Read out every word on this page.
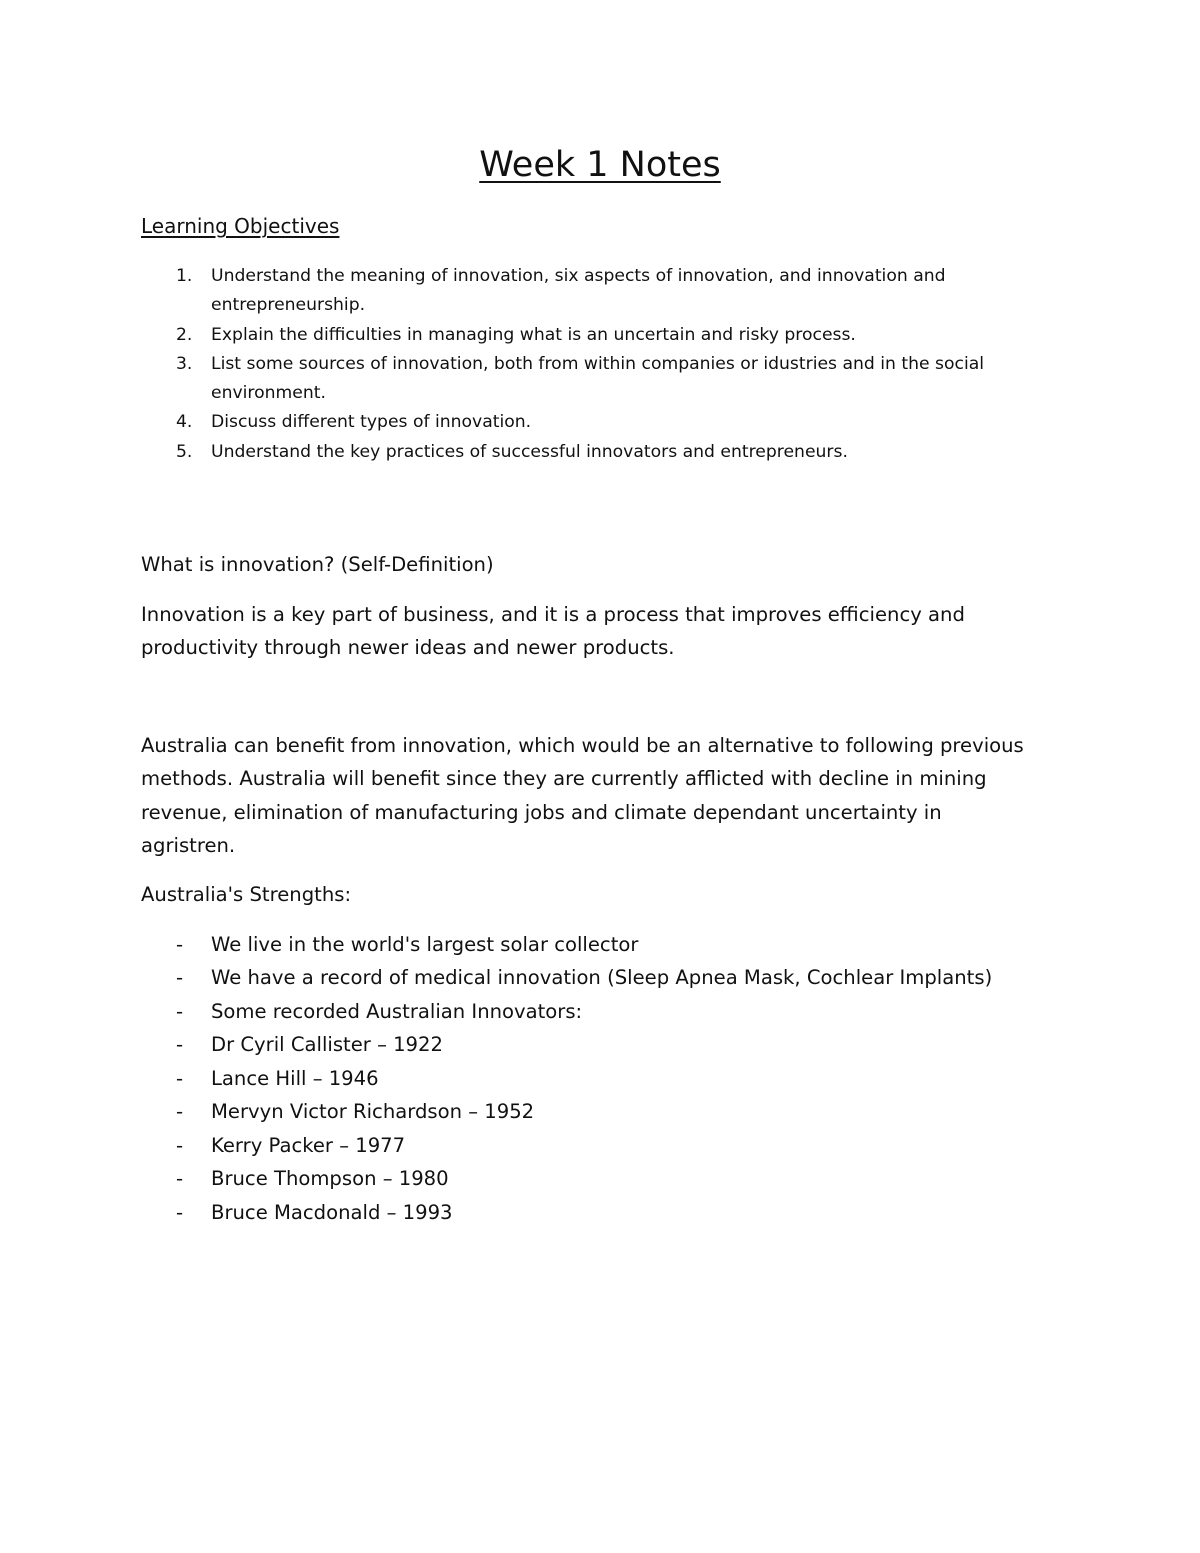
Week 1 Notes
Learning Objectives
1. Understand the meaning of innovation, six aspects of innovation, and innovation and
entrepreneurship.
2. Explain the difficulties in managing what is an uncertain and risky process.
3. List some sources of innovation, both from within companies or idustries and in the social
environment.
4. Discuss different types of innovation.
5. Understand the key practices of successful innovators and entrepreneurs.
What is innovation? (Self-Definition)

Innovation is a key part of business, and it is a process that improves efficiency and
productivity through newer ideas and newer products.

Australia can benefit from innovation, which would be an alternative to following previous
methods. Australia will benefit since they are currently afflicted with decline in mining
revenue, elimination of manufacturing jobs and climate dependant uncertainty in
agristren.

Australia's Strengths:
- We live in the world's largest solar collector
- We have a record of medical innovation (Sleep Apnea Mask, Cochlear Implants)
- Some recorded Australian Innovators:
- Dr Cyril Callister – 1922
- Lance Hill – 1946
- Mervyn Victor Richardson – 1952
- Kerry Packer – 1977
- Bruce Thompson – 1980
- Bruce Macdonald – 1993
